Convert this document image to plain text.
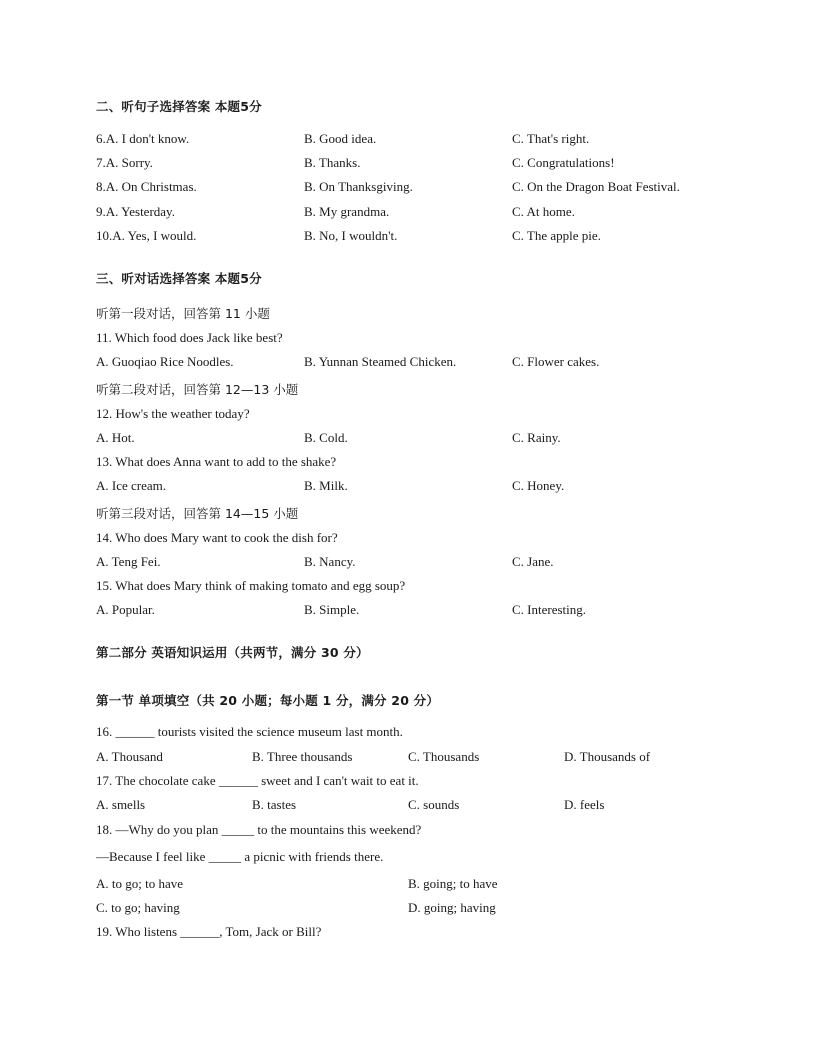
二、听句子选择答案 本题5分
6.A. I don't know.	B. Good idea.	C. That's right.
7.A. Sorry.	B. Thanks.	C. Congratulations!
8.A. On Christmas.	B. On Thanksgiving.	C. On the Dragon Boat Festival.
9.A. Yesterday.	B. My grandma.	C. At home.
10.A. Yes, I would.	B. No, I wouldn't.	C. The apple pie.
三、听对话选择答案 本题5分
听第一段对话，回答第 11 小题
11. Which food does Jack like best?
A. Guoqiao Rice Noodles.	B. Yunnan Steamed Chicken.	C. Flower cakes.
听第二段对话，回答第 12—13 小题
12. How's the weather today?
A. Hot.	B. Cold.	C. Rainy.
13. What does Anna want to add to the shake?
A. Ice cream.	B. Milk.	C. Honey.
听第三段对话，回答第 14—15 小题
14. Who does Mary want to cook the dish for?
A. Teng Fei.	B. Nancy.	C. Jane.
15. What does Mary think of making tomato and egg soup?
A. Popular.	B. Simple.	C. Interesting.
第二部分 英语知识运用（共两节，满分 30 分）
第一节 单项填空（共 20 小题；每小题 1 分，满分 20 分）
16. ______ tourists visited the science museum last month.
A. Thousand	B. Three thousands	C. Thousands	D. Thousands of
17. The chocolate cake ______ sweet and I can't wait to eat it.
A. smells	B. tastes	C. sounds	D. feels
18. —Why do you plan _____ to the mountains this weekend?
—Because I feel like _____ a picnic with friends there.
A. to go; to have	B. going; to have
C. to go; having	D. going; having
19. Who listens ______, Tom, Jack or Bill?
